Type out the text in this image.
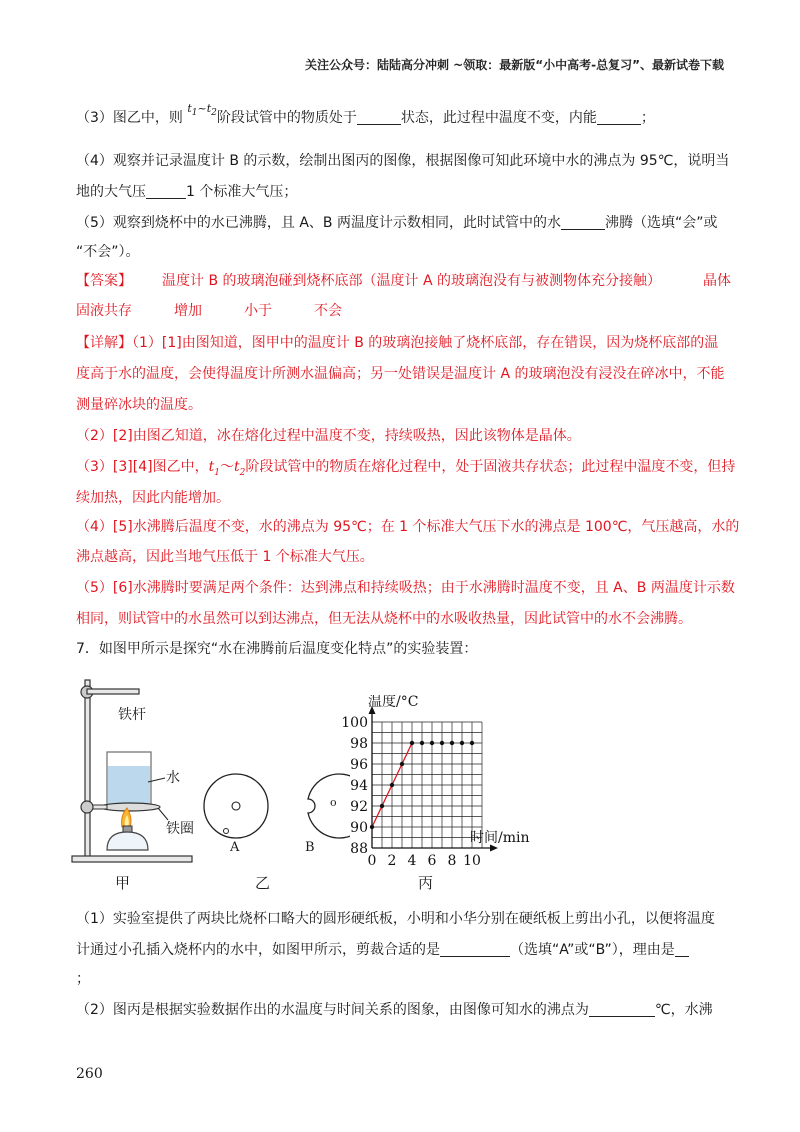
关注公众号：陆陆高分冲刺 ~领取：最新版“小中高考-总复习”、最新试卷下载

（3）图乙中，则 $^{t_1\sim t_2}$阶段试管中的物质处于	状态，此过程中温度不变，内能	；

（4）观察并记录温度计 B 的示数，绘制出图丙的图像，根据图像可知此环境中水的沸点为 95℃，说明当

地的大气压	1 个标准大气压；

（5）观察到烧杯中的水已沸腾，且 A、B 两温度计示数相同，此时试管中的水	沸腾（选填“会”或

“不会”）。

【答案】 温度计 B 的玻璃泡碰到烧杯底部（温度计 A 的玻璃泡没有与被测物体充分接触）	晶体

固液共存	增加	小于	不会

【详解】（1）[1]由图知道，图甲中的温度计 B 的玻璃泡接触了烧杯底部，存在错误，因为烧杯底部的温

度高于水的温度，会使得温度计所测水温偏高；另一处错误是温度计 A 的玻璃泡没有浸没在碎冰中，不能

测量碎冰块的温度。

（2）[2]由图乙知道，冰在熔化过程中温度不变，持续吸热，因此该物体是晶体。

（3）[3][4]图乙中，$t_1\sim t_2$阶段试管中的物质在熔化过程中，处于固液共存状态；此过程中温度不变，但持

续加热，因此内能增加。

（4）[5]水沸腾后温度不变，水的沸点为 95℃；在 1 个标准大气压下水的沸点是 100℃，气压越高，水的

沸点越高，因此当地气压低于 1 个标准大气压。

（5）[6]水沸腾时要满足两个条件：达到沸点和持续吸热；由于水沸腾时温度不变，且 A、B 两温度计示数

相同，则试管中的水虽然可以到达沸点，但无法从烧杯中的水吸收热量，因此试管中的水不会沸腾。

7．如图甲所示是探究“水在沸腾前后温度变化特点”的实验装置：

铁杆
水
铁圈
甲
A	B
o
乙
88
90
92
94
96
98
100
0 2 4 6 8 10
温度/°C
时间/min
丙

（1）实验室提供了两块比烧杯口略大的圆形硬纸板，小明和小华分别在硬纸板上剪出小孔，以便将温度

计通过小孔插入烧杯内的水中，如图甲所示，剪裁合适的是	（选填“A”或“B”），理由是

；

（2）图丙是根据实验数据作出的水温度与时间关系的图象，由图像可知水的沸点为	℃，水沸

260
